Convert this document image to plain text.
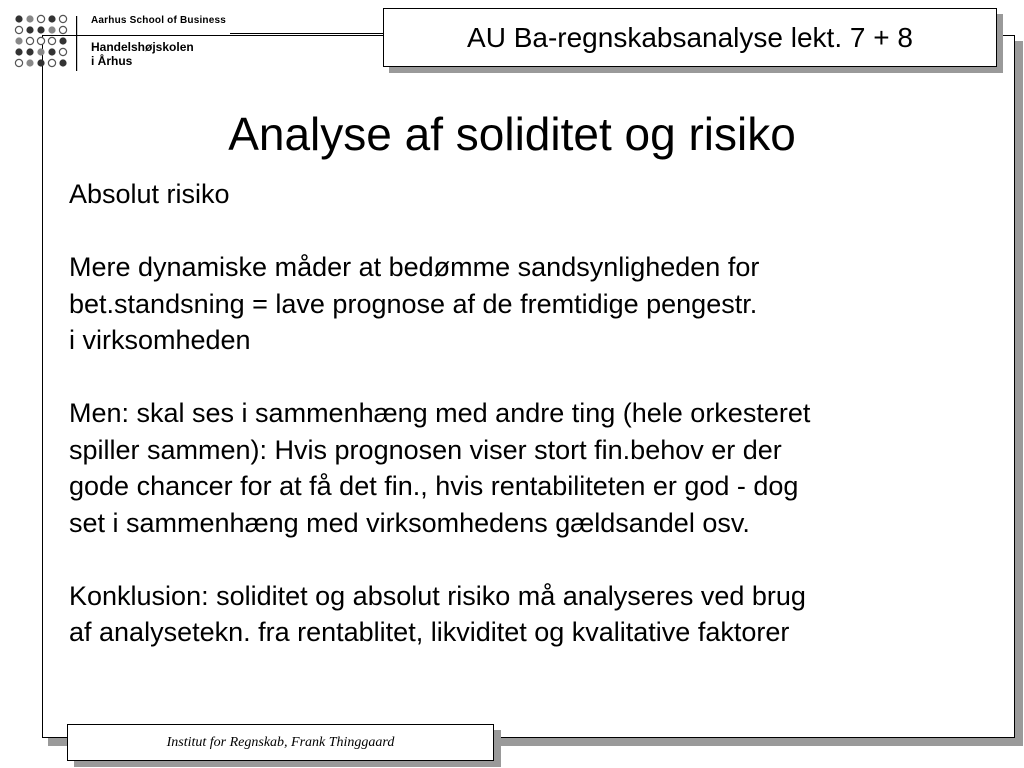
Aarhus School of Business
Handelshøjskolen
i Århus
AU Ba-regnskabsanalyse lekt. 7 + 8
Analyse af soliditet og risiko
Absolut risiko
Mere dynamiske måder at bedømme sandsynligheden for
bet.standsning = lave prognose af de fremtidige pengestr.
i virksomheden
Men: skal ses i sammenhæng med andre ting (hele orkesteret
spiller sammen): Hvis prognosen viser stort fin.behov er der
gode chancer for at få det fin., hvis rentabiliteten er god - dog
set i sammenhæng med virksomhedens gældsandel osv.
Konklusion: soliditet og absolut risiko må analyseres ved brug
af analysetekn. fra rentablitet, likviditet og kvalitative faktorer
Institut for Regnskab, Frank Thinggaard
